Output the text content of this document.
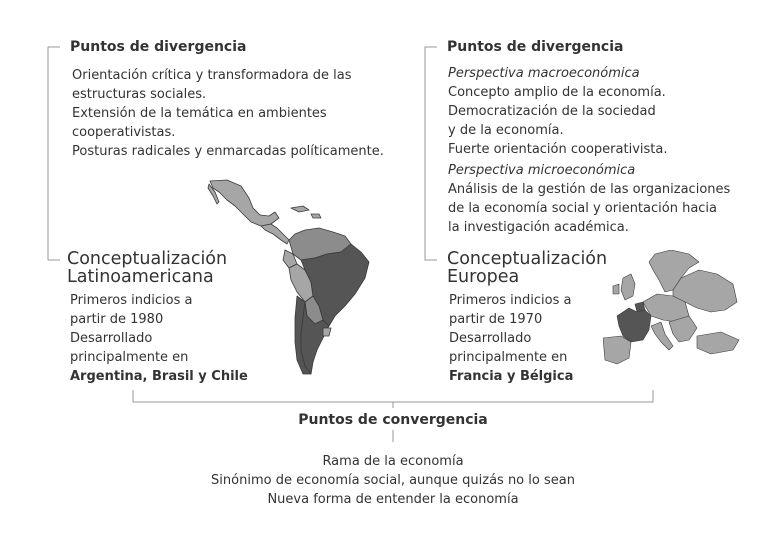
Puntos de divergencia
Orientación crítica y transformadora de las
estructuras sociales.
Extensión de la temática en ambientes
cooperativistas.
Posturas radicales y enmarcadas políticamente.
Conceptualización
Latinoamericana
Primeros indicios a
partir de 1980
Desarrollado
principalmente en
Argentina, Brasil y Chile
Puntos de divergencia
Perspectiva macroeconómica
Concepto amplio de la economía.
Democratización de la sociedad
y de la economía.
Fuerte orientación cooperativista.
Perspectiva microeconómica
Análisis de la gestión de las organizaciones
de la economía social y orientación hacia
la investigación académica.
Conceptualización
Europea
Primeros indicios a
partir de 1970
Desarrollado
principalmente en
Francia y Bélgica
Puntos de convergencia
Rama de la economía
Sinónimo de economía social, aunque quizás no lo sean
Nueva forma de entender la economía
